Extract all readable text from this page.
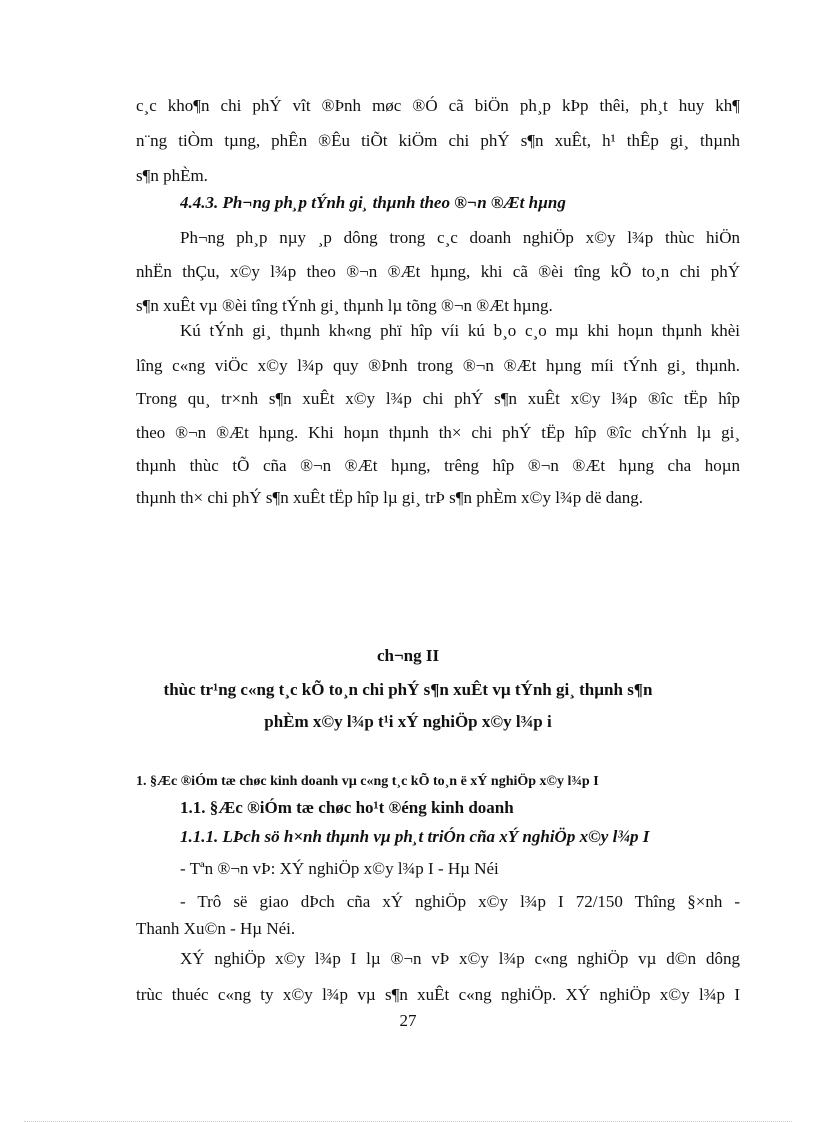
c¸c kho¶n chi phÝ vît ®Þnh møc ®Ó cã biÖn ph¸p kÞp thêi, ph¸t huy kh¶
n¨ng tiÒm tµng, phÊn ®Êu tiÕt kiÖm chi phÝ s¶n xuÊt, h¹ thÊp gi¸ thµnh
s¶n phÈm.
4.4.3. Ph¬ng ph¸p tÝnh gi¸ thµnh theo ®¬n ®Æt hµng
Ph¬ng ph¸p nµy ¸p dông trong c¸c doanh nghiÖp x©y l¾p thùc hiÖn
nhËn thÇu, x©y l¾p theo ®¬n ®Æt hµng, khi cã ®èi tîng kÕ to¸n chi phÝ
s¶n xuÊt vµ ®èi tîng tÝnh gi¸ thµnh lµ tõng ®¬n ®Æt hµng.
Kú tÝnh gi¸ thµnh kh«ng phï hîp víi kú b¸o c¸o mµ khi hoµn thµnh khèi
lîng c«ng viÖc x©y l¾p quy ®Þnh trong ®¬n ®Æt hµng míi tÝnh gi¸ thµnh.
Trong qu¸ tr×nh s¶n xuÊt x©y l¾p chi phÝ s¶n xuÊt x©y l¾p ®îc tËp hîp
theo ®¬n ®Æt hµng. Khi hoµn thµnh th× chi phÝ tËp hîp ®îc chÝnh lµ gi¸
thµnh thùc tÕ cña ®¬n ®Æt hµng, trêng hîp ®¬n ®Æt hµng cha hoµn
thµnh th× chi phÝ s¶n xuÊt tËp hîp lµ gi¸ trÞ s¶n phÈm x©y l¾p dë dang.
ch¬ng II
thùc tr¹ng c«ng t¸c kÕ to¸n chi phÝ s¶n xuÊt vµ tÝnh gi¸ thµnh s¶n
phÈm x©y l¾p t¹i xÝ nghiÖp x©y l¾p i
1. §Æc ®iÓm tæ chøc kinh doanh vµ c«ng t¸c kÕ to¸n ë xÝ nghiÖp x©y l¾p I
1.1. §Æc ®iÓm tæ chøc ho¹t ®éng kinh doanh
1.1.1. LÞch sö h×nh thµnh vµ ph¸t triÓn cña xÝ nghiÖp x©y l¾p I
- Tªn ®¬n vÞ: XÝ nghiÖp x©y l¾p I - Hµ Néi
- Trô së giao dÞch cña xÝ nghiÖp x©y l¾p I 72/150 Thîng §×nh -
Thanh Xu©n - Hµ Néi.
XÝ nghiÖp x©y l¾p I lµ ®¬n vÞ x©y l¾p c«ng nghiÖp vµ d©n dông
trùc thuéc c«ng ty x©y l¾p vµ s¶n xuÊt c«ng nghiÖp. XÝ nghiÖp x©y l¾p I
27
